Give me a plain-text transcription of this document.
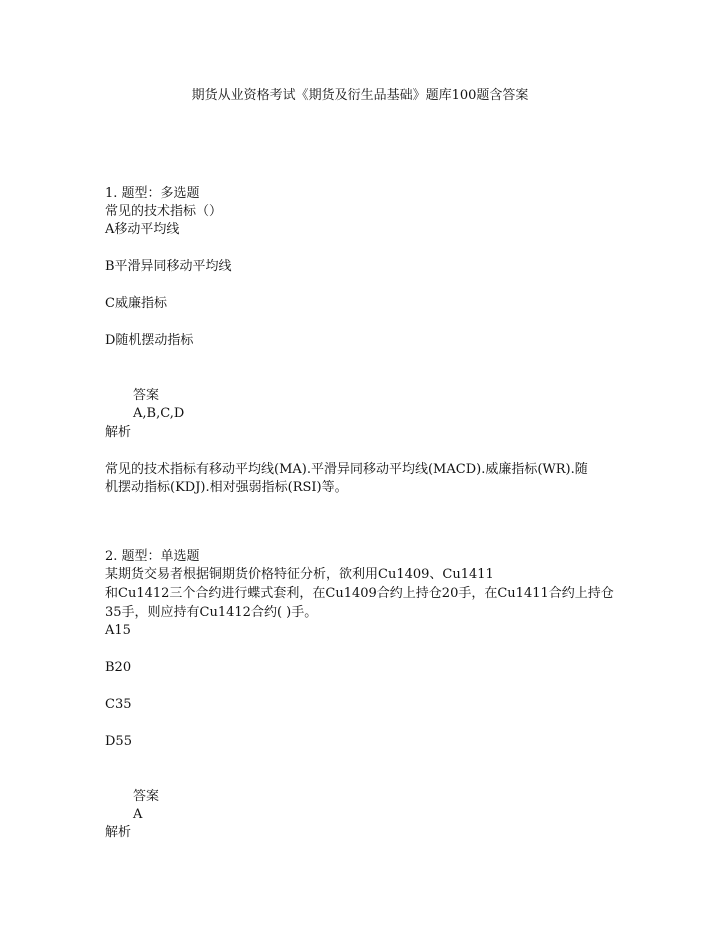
期货从业资格考试《期货及衍生品基础》题库100题含答案
1. 题型：多选题
常见的技术指标（）
A移动平均线
B平滑异同移动平均线
C威廉指标
D随机摆动指标
答案
A,B,C,D
解析
常见的技术指标有移动平均线(MA).平滑异同移动平均线(MACD).威廉指标(WR).随
机摆动指标(KDJ).相对强弱指标(RSI)等。
2. 题型：单选题
某期货交易者根据铜期货价格特征分析，欲利用Cu1409、Cu1411
和Cu1412三个合约进行蝶式套利，在Cu1409合约上持仓20手，在Cu1411合约上持仓
35手，则应持有Cu1412合约( )手。
A15
B20
C35
D55
答案
A
解析
